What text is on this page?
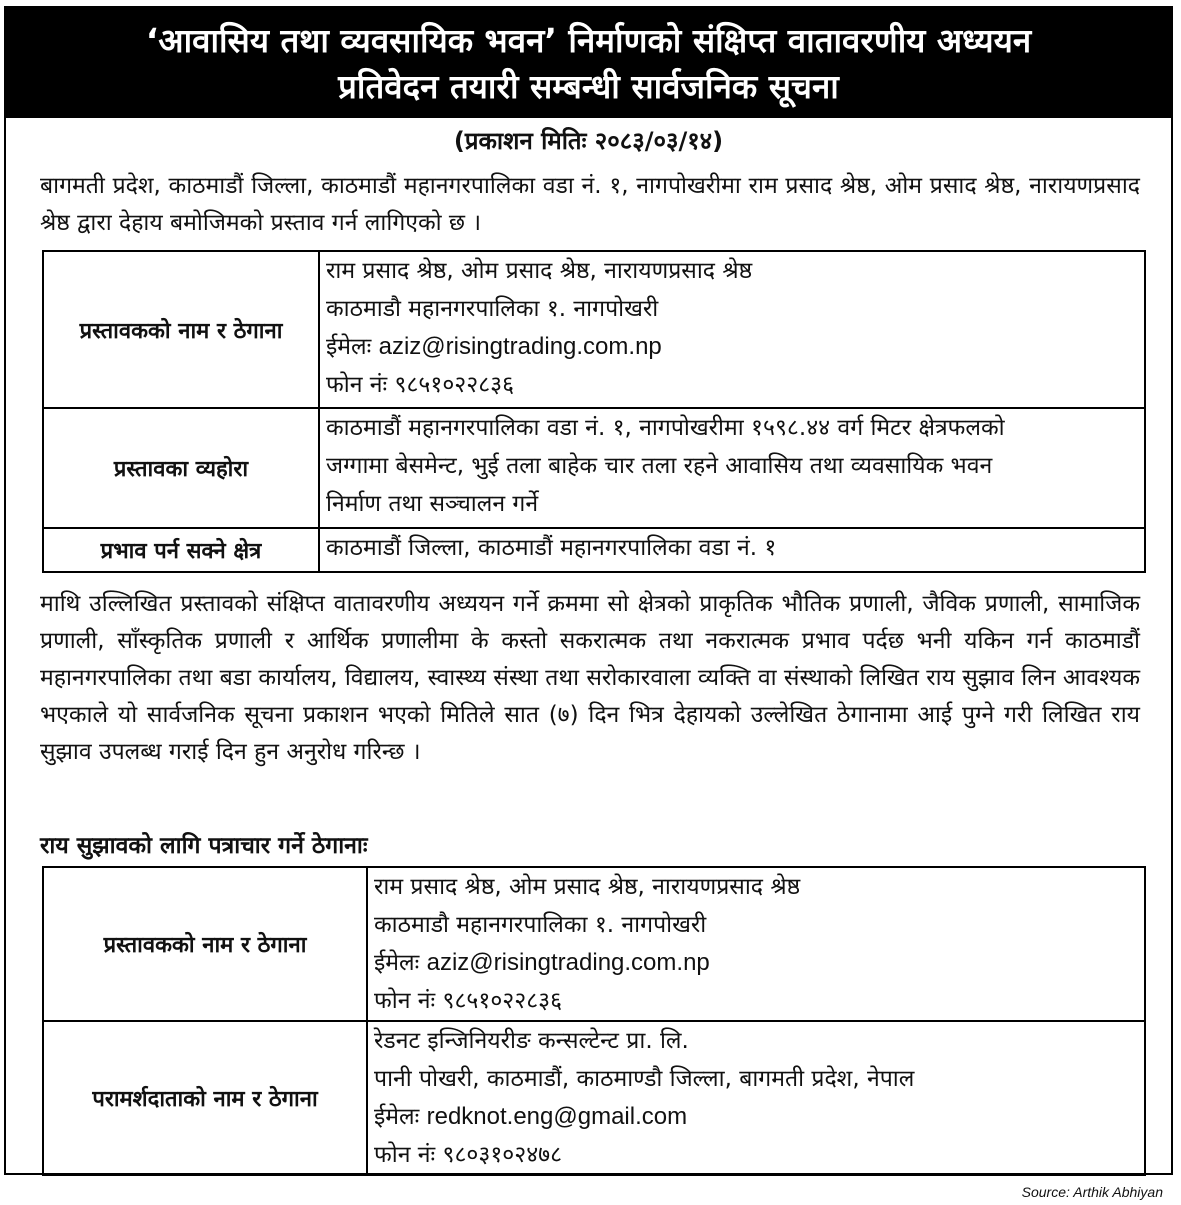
‘आवासिय तथा व्यवसायिक भवन’ निर्माणको संक्षिप्त वातावरणीय अध्ययन
प्रतिवेदन तयारी सम्बन्धी सार्वजनिक सूचना
(प्रकाशन मितिः २०८३/०३/१४)
बागमती प्रदेश, काठमाडौं जिल्ला, काठमाडौं महानगरपालिका वडा नं. १, नागपोखरीमा राम प्रसाद श्रेष्ठ, ओम प्रसाद श्रेष्ठ, नारायणप्रसाद श्रेष्ठ द्वारा देहाय बमोजिमको प्रस्ताव गर्न लागिएको छ ।
प्रस्तावकको नाम र ठेगाना	राम प्रसाद श्रेष्ठ, ओम प्रसाद श्रेष्ठ, नारायणप्रसाद श्रेष्ठ
काठमाडौ महानगरपालिका १. नागपोखरी
ईमेलः aziz@risingtrading.com.np
फोन नंः ९८५१०२२८३६

प्रस्तावका व्यहोरा	काठमाडौं महानगरपालिका वडा नं. १, नागपोखरीमा १५९८.४४ वर्ग मिटर क्षेत्रफलको
जग्गामा बेसमेन्ट, भुई तला बाहेक चार तला रहने आवासिय तथा व्यवसायिक भवन
निर्माण तथा सञ्चालन गर्ने

प्रभाव पर्न सक्ने क्षेत्र	काठमाडौं जिल्ला, काठमाडौं महानगरपालिका वडा नं. १
माथि उल्लिखित प्रस्तावको संक्षिप्त वातावरणीय अध्ययन गर्ने क्रममा सो क्षेत्रको प्राकृतिक भौतिक प्रणाली, जैविक प्रणाली, सामाजिक प्रणाली, साँस्कृतिक प्रणाली र आर्थिक प्रणालीमा के कस्तो सकरात्मक तथा नकरात्मक प्रभाव पर्दछ भनी यकिन गर्न काठमाडौं महानगरपालिका तथा बडा कार्यालय, विद्यालय, स्वास्थ्य संस्था तथा सरोकारवाला व्यक्ति वा संस्थाको लिखित राय सुझाव लिन आवश्यक भएकाले यो सार्वजनिक सूचना प्रकाशन भएको मितिले सात (७) दिन भित्र देहायको उल्लेखित ठेगानामा आई पुग्ने गरी लिखित राय सुझाव उपलब्ध गराई दिन हुन अनुरोध गरिन्छ ।
राय सुझावको लागि पत्राचार गर्ने ठेगानाः
प्रस्तावकको नाम र ठेगाना	राम प्रसाद श्रेष्ठ, ओम प्रसाद श्रेष्ठ, नारायणप्रसाद श्रेष्ठ
काठमाडौ महानगरपालिका १. नागपोखरी
ईमेलः aziz@risingtrading.com.np
फोन नंः ९८५१०२२८३६

परामर्शदाताको नाम र ठेगाना	रेडनट इन्जिनियरीङ कन्सल्टेन्ट प्रा. लि.
पानी पोखरी, काठमाडौं, काठमाण्डौ जिल्ला, बागमती प्रदेश, नेपाल
ईमेलः redknot.eng@gmail.com
फोन नंः ९८०३१०२४७८
Source: Arthik Abhiyan
